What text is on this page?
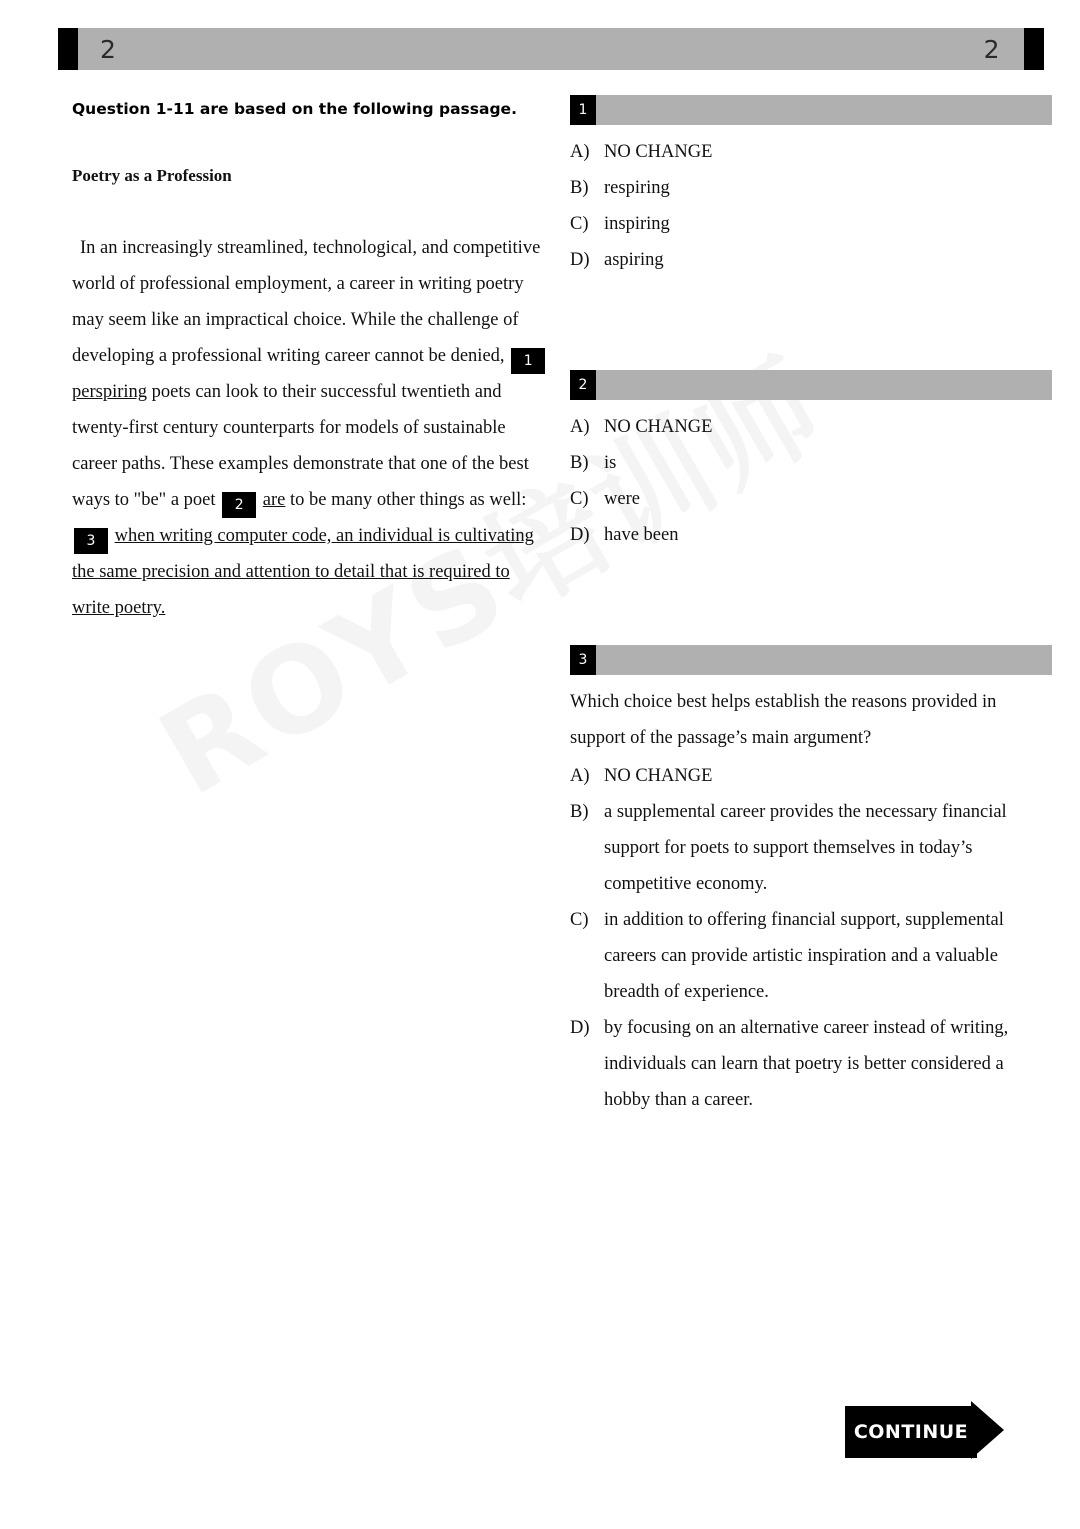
2	2
Question 1-11 are based on the following passage.
Poetry as a Profession
In an increasingly streamlined, technological, and competitive world of professional employment, a career in writing poetry may seem like an impractical choice. While the challenge of developing a professional writing career cannot be denied, 1perspiring poets can look to their successful twentieth and twenty-first century counterparts for models of sustainable career paths. These examples demonstrate that one of the best ways to "be" a poet 2 are to be many other things as well: 3 when writing computer code, an individual is cultivating the same precision and attention to detail that is required to write poetry.
1
A) NO CHANGE
B) respiring
C) inspiring
D) aspiring
2
A) NO CHANGE
B) is
C) were
D) have been
3
Which choice best helps establish the reasons provided in support of the passage’s main argument?
A) NO CHANGE
B) a supplemental career provides the necessary financial support for poets to support themselves in today’s competitive economy.
C) in addition to offering financial support, supplemental careers can provide artistic inspiration and a valuable breadth of experience.
D) by focusing on an alternative career instead of writing, individuals can learn that poetry is better considered a hobby than a career.
CONTINUE
